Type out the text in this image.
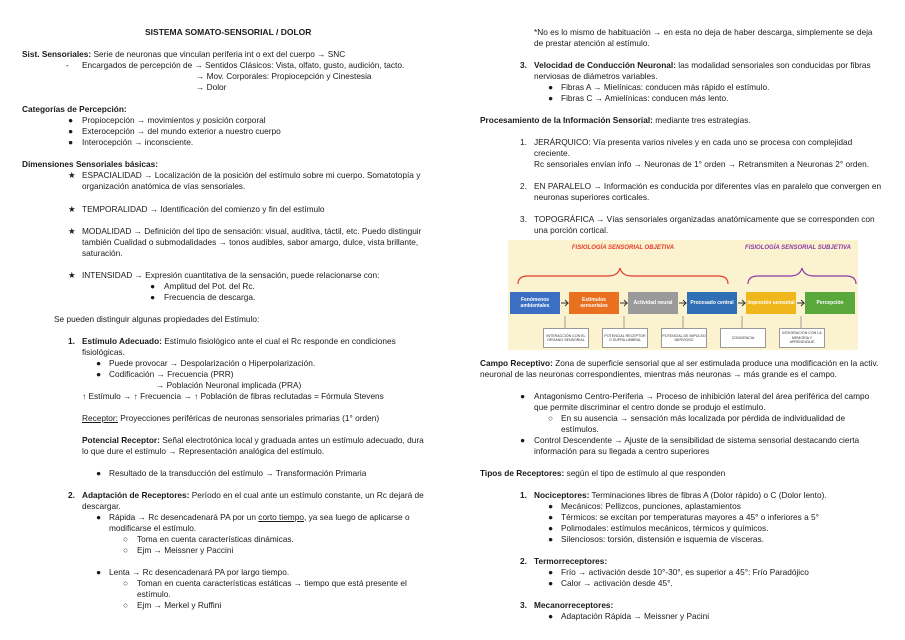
SISTEMA SOMATO-SENSORIAL / DOLOR
Sist. Sensoriales: Serie de neuronas que vinculan periferia int o ext del cuerpo → SNC
- Encargados de percepción de → Sentidos Clásicos: Vista, olfato, gusto, audición, tacto.
→ Mov. Corporales: Propiocepción y Cinestesia
→ Dolor
Categorías de Percepción:
● Propiocepción → movimientos y posición corporal
● Exterocepción → del mundo exterior a nuestro cuerpo
● Interocepción → inconsciente.
Dimensiones Sensoriales básicas:
★ ESPACIALIDAD → Localización de la posición del estímulo sobre mi cuerpo. Somatotopía y organización anatómica de vías sensoriales.
★ TEMPORALIDAD → Identificación del comienzo y fin del estímulo
★ MODALIDAD → Definición del tipo de sensación: visual, auditiva, táctil, etc. Puedo distinguir también Cualidad o submodalidades → tonos audibles, sabor amargo, dulce, vista brillante, saturación.
★ INTENSIDAD → Expresión cuantitativa de la sensación, puede relacionarse con:
● Amplitud del Pot. del Rc.
● Frecuencia de descarga.
Se pueden distinguir algunas propiedades del Estímulo:
1. Estímulo Adecuado: Estímulo fisiológico ante el cual el Rc responde en condiciones fisiológicas.
● Puede provocar → Despolarización o Hiperpolarización.
● Codificación → Frecuencia (PRR)
→ Población Neuronal implicada (PRA)
↑ Estímulo → ↑ Frecuencia → ↑ Población de fibras reclutadas = Fórmula Stevens
Receptor: Proyecciones periféricas de neuronas sensoriales primarias (1° orden)
Potencial Receptor: Señal electrotónica local y graduada antes un estímulo adecuado, dura lo que dure el estímulo → Representación analógica del estímulo.
● Resultado de la transducción del estímulo → Transformación Primaria
2. Adaptación de Receptores: Período en el cual ante un estímulo constante, un Rc dejará de descargar.
● Rápida → Rc desencadenará PA por un corto tiempo, ya sea luego de aplicarse o modificarse el estímulo.
○ Toma en cuenta características dinámicas.
○ Ejm → Meissner y Paccini
● Lenta → Rc desencadenará PA por largo tiempo.
○ Toman en cuenta características estáticas → tiempo que está presente el estímulo.
○ Ejm → Merkel y Ruffini
*No es lo mismo de habituación → en esta no deja de haber descarga, simplemente se deja de prestar atención al estímulo.
3. Velocidad de Conducción Neuronal: las modalidad sensoriales son conducidas por fibras nerviosas de diámetros variables.
● Fibras A → Mielínicas: conducen más rápido el estímulo.
● Fibras C → Amielínicas: conducen más lento.
Procesamiento de la Información Sensorial: mediante tres estrategias.
1. JERÁRQUICO: Vía presenta varios niveles y en cada uno se procesa con complejidad creciente.
Rc sensoriales envían info → Neuronas de 1° orden → Retransmiten a Neuronas 2° orden.
2. EN PARALELO → Información es conducida por diferentes vías en paralelo que convergen en neuronas superiores corticales.
3. TOPOGRÁFICA → Vías sensoriales organizadas anatómicamente que se corresponden con una porción cortical.
FISIOLOGÍA SENSORIAL OBJETIVA	FISIOLOGÍA SENSORIAL SUBJETIVA
Fenómenos ambientales
Estímulos sensoriales	Actividad neural	Procesado central	Impresión sensorial	Percepción
INTERACCIÓN CON EL ÓRGANO SENSORIAL
POTENCIAL RECEPTOR O SUPRA UMBRAL
POTENCIAL DE IMPULSO NERVIOSO
CONCIENCIA
INTEGRACIÓN CON LA MEMORIA Y APRENDIZAJE
Campo Receptivo: Zona de superficie sensorial que al ser estimulada produce una modificación en la activ. neuronal de las neuronas correspondientes, mientras más neuronas → más grande es el campo.
● Antagonismo Centro-Periferia → Proceso de inhibición lateral del área periférica del campo que permite discriminar el centro donde se produjo el estímulo.
○ En su ausencia → sensación más localizada por pérdida de individualidad de estímulos.
● Control Descendente → Ajuste de la sensibilidad de sistema sensorial destacando cierta información para su llegada a centro superiores
Tipos de Receptores: según el tipo de estímulo al que responden
1. Nociceptores: Terminaciones libres de fibras A (Dolor rápido) o C (Dolor lento).
● Mecánicos: Pellizcos, punciones, aplastamientos
● Térmicos: se excitan por temperaturas mayores a 45° o inferiores a 5°
● Polimodales: estímulos mecánicos, térmicos y químicos.
● Silenciosos: torsión, distensión e isquemia de vísceras.
2. Termorreceptores:
● Frío → activación desde 10°-30°, es superior a 45°: Frío Paradójico
● Calor → activación desde 45°.
3. Mecanorreceptores:
● Adaptación Rápida → Meissner y Pacini
